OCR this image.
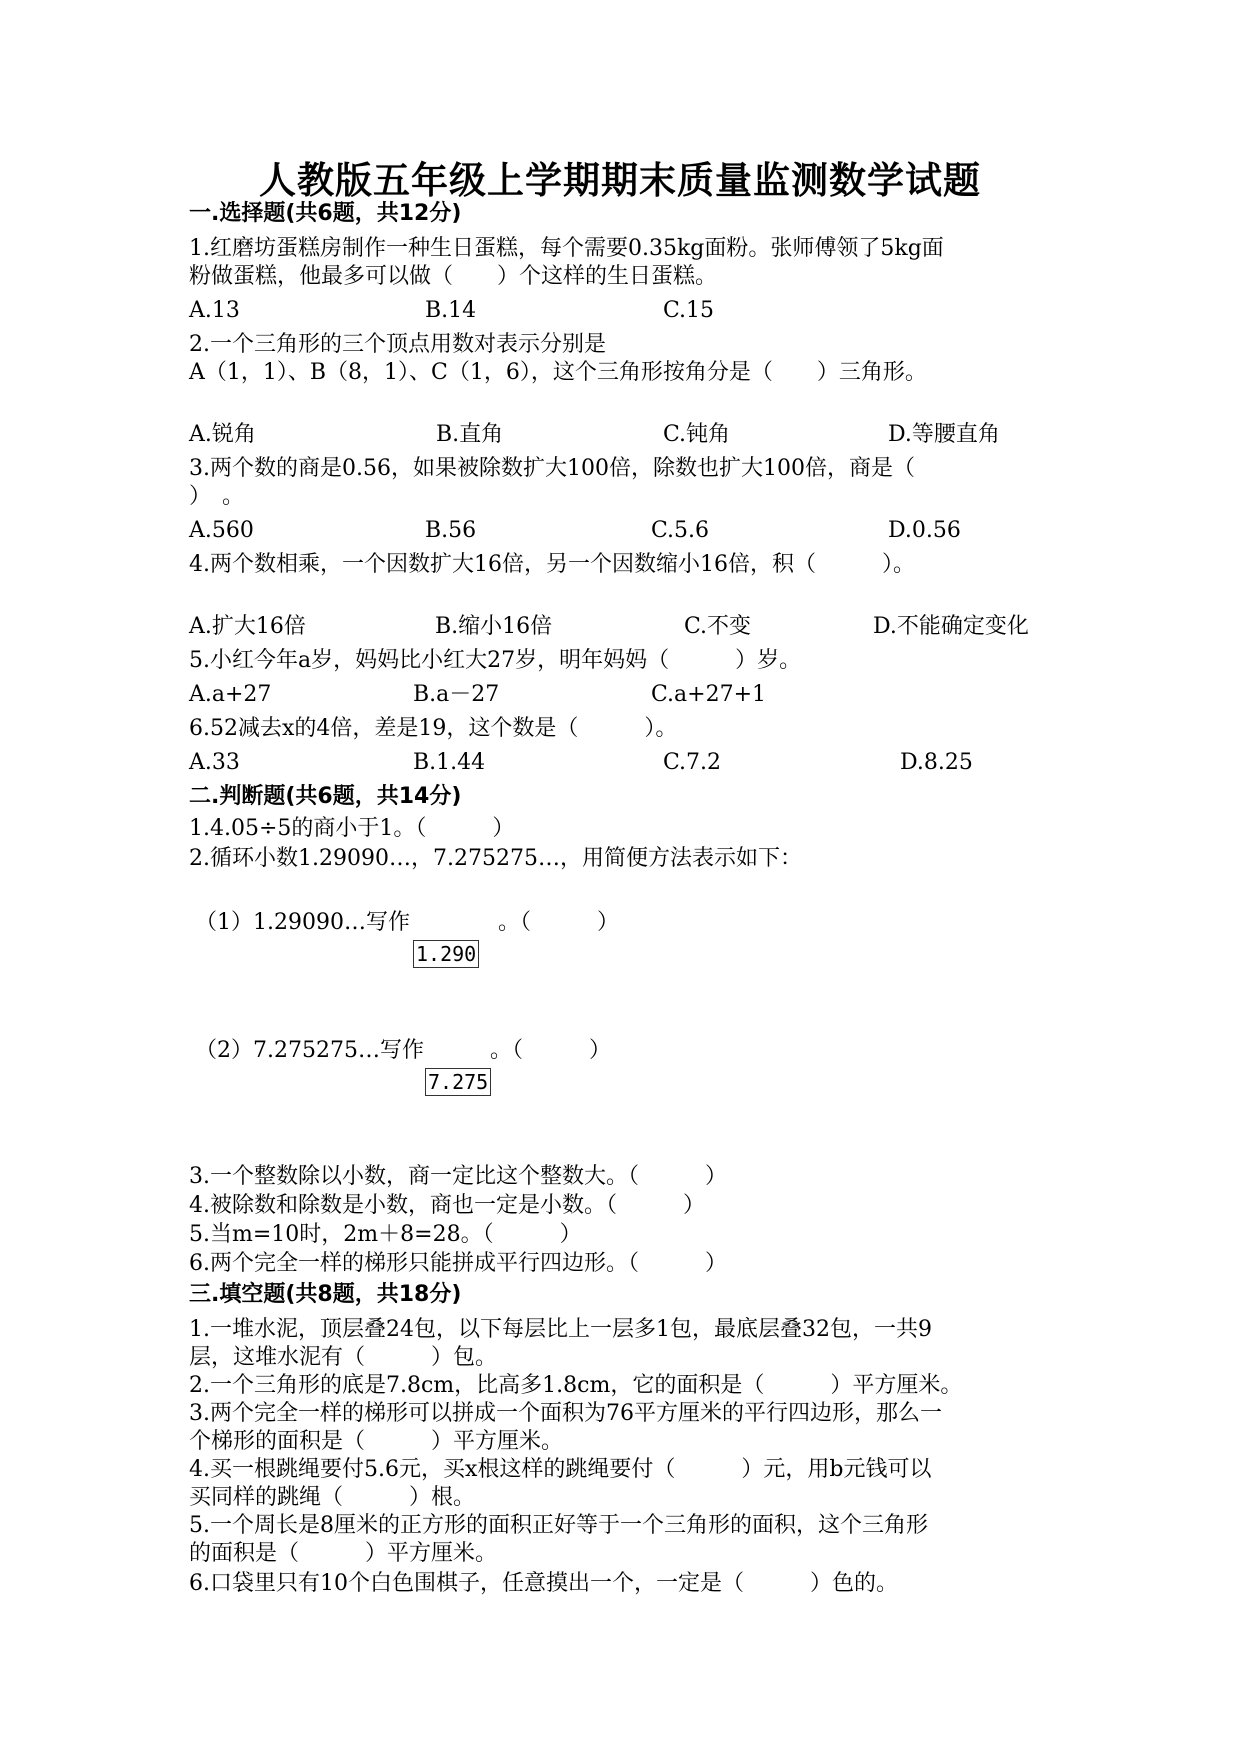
人教版五年级上学期期末质量监测数学试题
一.选择题(共6题，共12分)
1.红磨坊蛋糕房制作一种生日蛋糕，每个需要0.35kg面粉。张师傅领了5kg面
粉做蛋糕，他最多可以做（　　）个这样的生日蛋糕。
A.13	B.14	C.15
2.一个三角形的三个顶点用数对表示分别是
A（1，1）、B（8，1）、C（1，6），这个三角形按角分是（　　）三角形。
A.锐角	B.直角	C.钝角	D.等腰直角
3.两个数的商是0.56，如果被除数扩大100倍，除数也扩大100倍，商是（
）　。
A.560	B.56	C.5.6	D.0.56
4.两个数相乘，一个因数扩大16倍，另一个因数缩小16倍，积（　　　）。
A.扩大16倍	B.缩小16倍	C.不变	D.不能确定变化
5.小红今年a岁，妈妈比小红大27岁，明年妈妈（　　　）岁。
A.a+27	B.a－27	C.a+27+1
6.52减去x的4倍，差是19，这个数是（　　　）。
A.33	B.1.44	C.7.2	D.8.25
二.判断题(共6题，共14分)
1.4.05÷5的商小于1。（　　　）
2.循环小数1.29090…，7.275275…，用简便方法表示如下：
（1）1.29090…写作　　　　。（　　　）
1.290
（2）7.275275…写作　　　。（　　　）
7.275
3.一个整数除以小数，商一定比这个整数大。（　　　）
4.被除数和除数是小数，商也一定是小数。（　　　）
5.当m=10时，2m＋8=28。（　　　）
6.两个完全一样的梯形只能拼成平行四边形。（　　　）
三.填空题(共8题，共18分)
1.一堆水泥，顶层叠24包，以下每层比上一层多1包，最底层叠32包，一共9
层，这堆水泥有（　　　）包。
2.一个三角形的底是7.8cm，比高多1.8cm，它的面积是（　　　）平方厘米。
3.两个完全一样的梯形可以拼成一个面积为76平方厘米的平行四边形，那么一
个梯形的面积是（　　　）平方厘米。
4.买一根跳绳要付5.6元，买x根这样的跳绳要付（　　　）元，用b元钱可以
买同样的跳绳（　　　）根。
5.一个周长是8厘米的正方形的面积正好等于一个三角形的面积，这个三角形
的面积是（　　　）平方厘米。
6.口袋里只有10个白色围棋子，任意摸出一个，一定是（　　　）色的。
